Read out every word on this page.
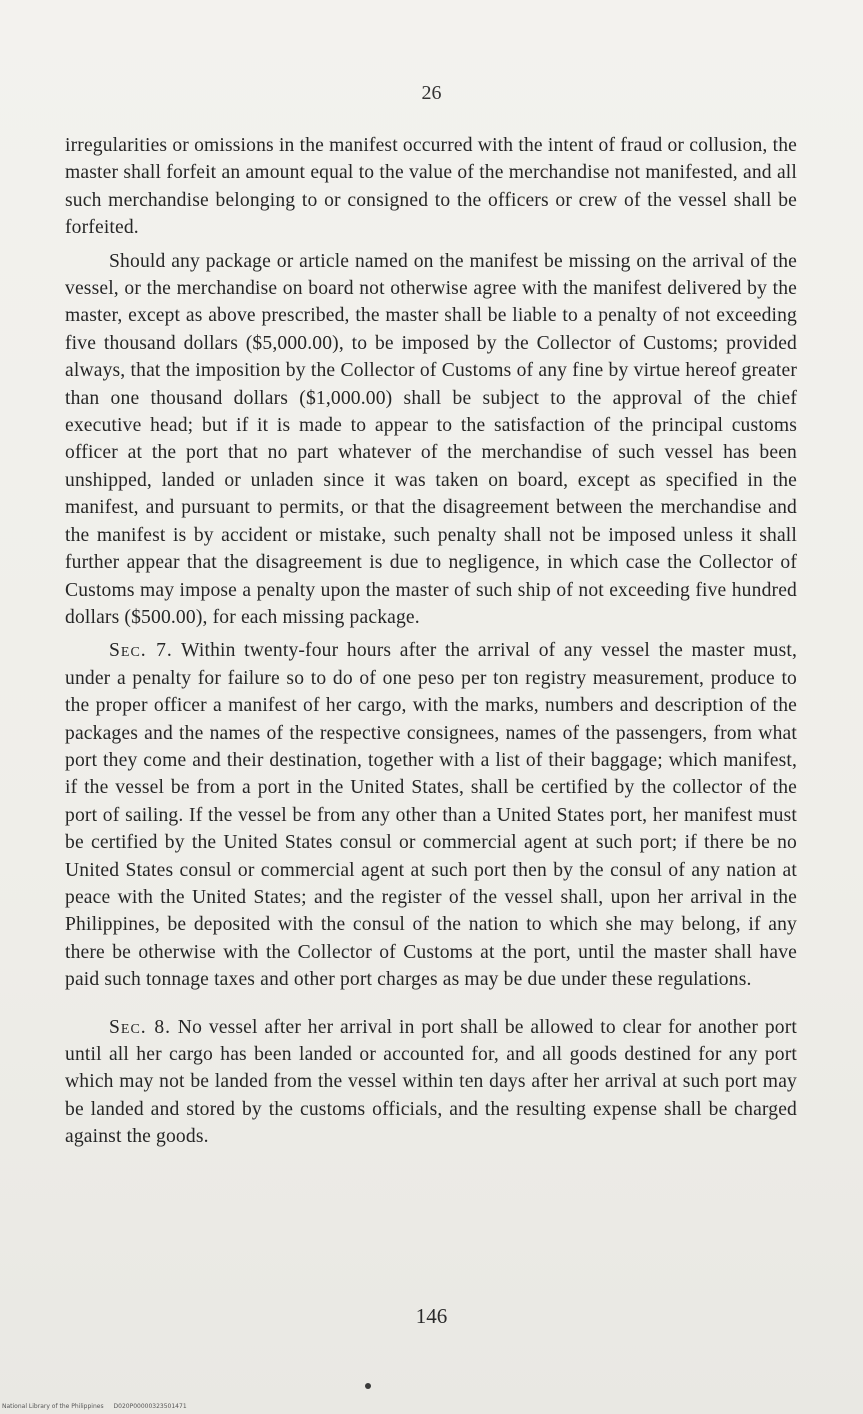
26

irregularities or omissions in the manifest occurred with the intent of fraud or collusion, the master shall forfeit an amount equal to the value of the merchandise not manifested, and all such merchandise belonging to or consigned to the officers or crew of the vessel shall be forfeited.

Should any package or article named on the manifest be missing on the arrival of the vessel, or the merchandise on board not otherwise agree with the manifest delivered by the master, except as above prescribed, the master shall be liable to a penalty of not exceeding five thousand dollars ($5,000.00), to be imposed by the Collector of Customs; provided always, that the imposition by the Collector of Customs of any fine by virtue hereof greater than one thousand dollars ($1,000.00) shall be subject to the approval of the chief executive head; but if it is made to appear to the satisfaction of the principal customs officer at the port that no part whatever of the merchandise of such vessel has been unshipped, landed or unladen since it was taken on board, except as specified in the manifest, and pursuant to permits, or that the disagreement between the merchandise and the manifest is by accident or mistake, such penalty shall not be imposed unless it shall further appear that the disagreement is due to negligence, in which case the Collector of Customs may impose a penalty upon the master of such ship of not exceeding five hundred dollars ($500.00), for each missing package.

Sec. 7. Within twenty-four hours after the arrival of any vessel the master must, under a penalty for failure so to do of one peso per ton registry measurement, produce to the proper officer a manifest of her cargo, with the marks, numbers and description of the packages and the names of the respective consignees, names of the passengers, from what port they come and their destination, together with a list of their baggage; which manifest, if the vessel be from a port in the United States, shall be certified by the collector of the port of sailing. If the vessel be from any other than a United States port, her manifest must be certified by the United States consul or commercial agent at such port; if there be no United States consul or commercial agent at such port then by the consul of any nation at peace with the United States; and the register of the vessel shall, upon her arrival in the Philippines, be deposited with the consul of the nation to which she may belong, if any there be otherwise with the Collector of Customs at the port, until the master shall have paid such tonnage taxes and other port charges as may be due under these regulations.

Sec. 8. No vessel after her arrival in port shall be allowed to clear for another port until all her cargo has been landed or accounted for, and all goods destined for any port which may not be landed from the vessel within ten days after her arrival at such port may be landed and stored by the customs officials, and the resulting expense shall be charged against the goods.

146
National Library of the Philippines D020P00000323501471
